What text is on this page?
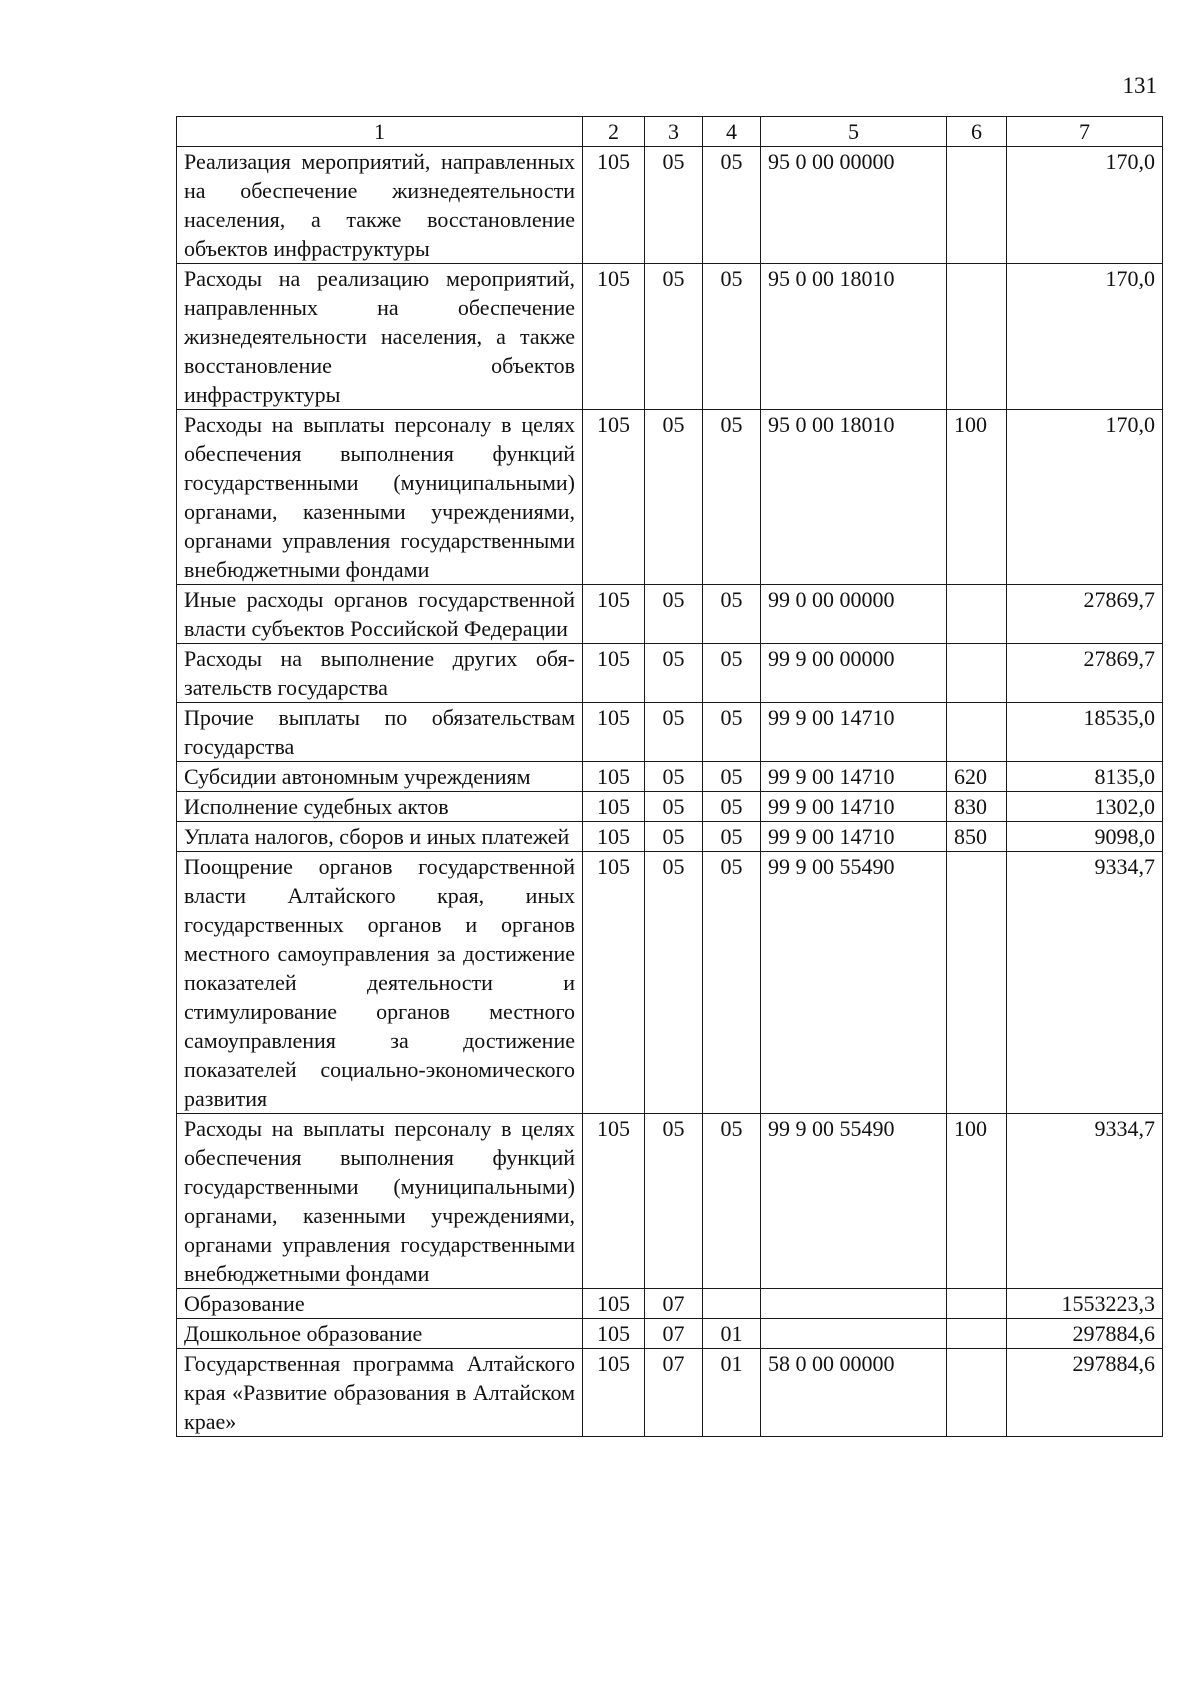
131
1	2	3	4	5	6	7
Реализация мероприятий, направленных на обеспечение жизнедеятельности населения, а также восстановление объектов инфраструктуры	105	05	05	95 0 00 00000		170,0
Расходы на реализацию мероприятий, направленных на обеспечение жизнедеятельности населения, а также восстановление объектов инфраструктуры	105	05	05	95 0 00 18010		170,0
Расходы на выплаты персоналу в целях обеспечения выполнения функций государственными (муниципальными) органами, казенными учреждениями, органами управления государственными внебюджетными фондами	105	05	05	95 0 00 18010	100	170,0
Иные расходы органов государственной власти субъектов Российской Федерации	105	05	05	99 0 00 00000		27869,7
Расходы на выполнение других обязательств государства	105	05	05	99 9 00 00000		27869,7
Прочие выплаты по обязательствам государства	105	05	05	99 9 00 14710		18535,0
Субсидии автономным учреждениям	105	05	05	99 9 00 14710	620	8135,0
Исполнение судебных актов	105	05	05	99 9 00 14710	830	1302,0
Уплата налогов, сборов и иных платежей	105	05	05	99 9 00 14710	850	9098,0
Поощрение органов государственной власти Алтайского края, иных государственных органов и органов местного самоуправления за достижение показателей деятельности и стимулирование органов местного самоуправления за достижение показателей социально-экономического развития	105	05	05	99 9 00 55490		9334,7
Расходы на выплаты персоналу в целях обеспечения выполнения функций государственными (муниципальными) органами, казенными учреждениями, органами управления государственными внебюджетными фондами	105	05	05	99 9 00 55490	100	9334,7
Образование	105	07				1553223,3
Дошкольное образование	105	07	01			297884,6
Государственная программа Алтайского края «Развитие образования в Алтайском крае»	105	07	01	58 0 00 00000		297884,6
